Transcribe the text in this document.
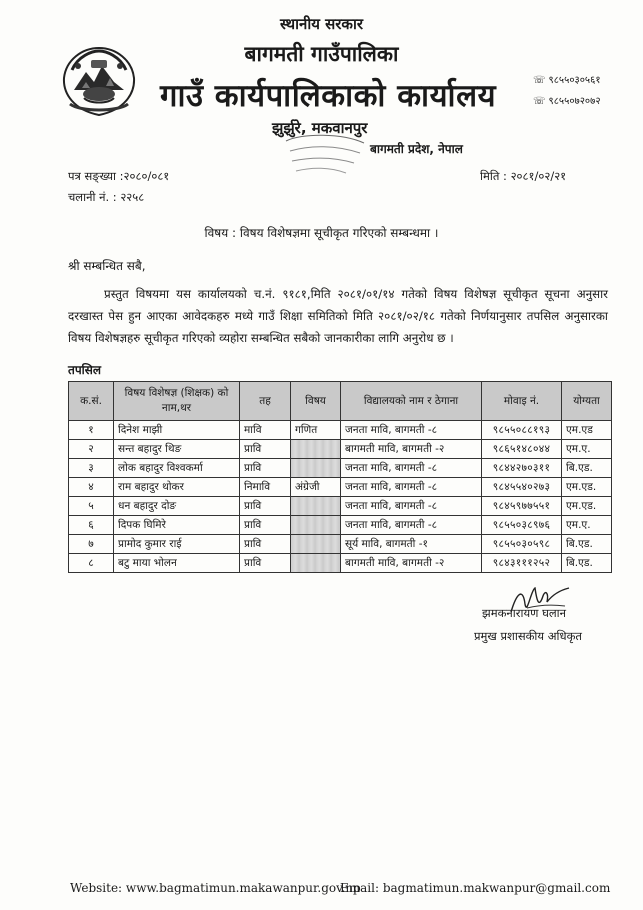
स्थानीय सरकार
बागमती गाउँपालिका
गाउँ कार्यपालिकाको कार्यालय
झुर्झुरे, मकवानपुर
बागमती प्रदेश, नेपाल
☏ ९८५५०३०५६१
☏ ९८५५०७२०७२
पत्र सङ्ख्या :२०८०/०८१
चलानी नं. : २२५८
मिति : २०८१/०२/२१
विषय : विषय विशेषज्ञमा सूचीकृत गरिएको सम्बन्धमा ।
श्री सम्बन्धित सबै,
प्रस्तुत विषयमा यस कार्यालयको च.नं. ९१८१,मिति २०८१/०१/१४ गतेको विषय विशेषज्ञ सूचीकृत सूचना अनुसार दरखास्त पेस हुन आएका आवेदकहरु मध्ये गाउँ शिक्षा समितिको मिति २०८१/०२/१८ गतेको निर्णयानुसार तपसिल अनुसारका विषय विशेषज्ञहरु सूचीकृत गरिएको व्यहोरा सम्बन्धित सबैको जानकारीका लागि अनुरोध छ ।
तपसिल
क.सं.	विषय विशेषज्ञ (शिक्षक) को नाम,थर	तह	विषय	विद्यालयको नाम र ठेगाना	मोवाइ नं.	योग्यता
१	दिनेश माझी	मावि	गणित	जनता मावि, बागमती -८	९८५५०८८१९३	एम.एड
२	सन्त बहादुर थिङ	प्रावि		बागमती मावि, बागमती -२	९८६५१४८०४४	एम.ए.
३	लोक बहादुर विश्वकर्मा	प्रावि		जनता मावि, बागमती -८	९८४४२७०३११	बि.एड.
४	राम बहादुर थोकर	निमावि	अंग्रेजी	जनता मावि, बागमती -८	९८४५५४०२७३	एम.एड.
५	धन बहादुर दोङ	प्रावि		जनता मावि, बागमती -८	९८४५९७७५५१	एम.एड.
६	दिपक घिमिरे	प्रावि		जनता मावि, बागमती -८	९८५५०३८९७६	एम.ए.
७	प्रामोद कुमार राई	प्रावि		सूर्य मावि, बागमती -१	९८५५०३०५९८	बि.एड.
८	बटु माया भोलन	प्रावि		बागमती मावि, बागमती -२	९८४३१११२५२	बि.एड.
झमकनारायण घलान
प्रमुख प्रशासकीय अधिकृत
Website: www.bagmatimun.makawanpur.gov.np
Email: bagmatimun.makwanpur@gmail.com
